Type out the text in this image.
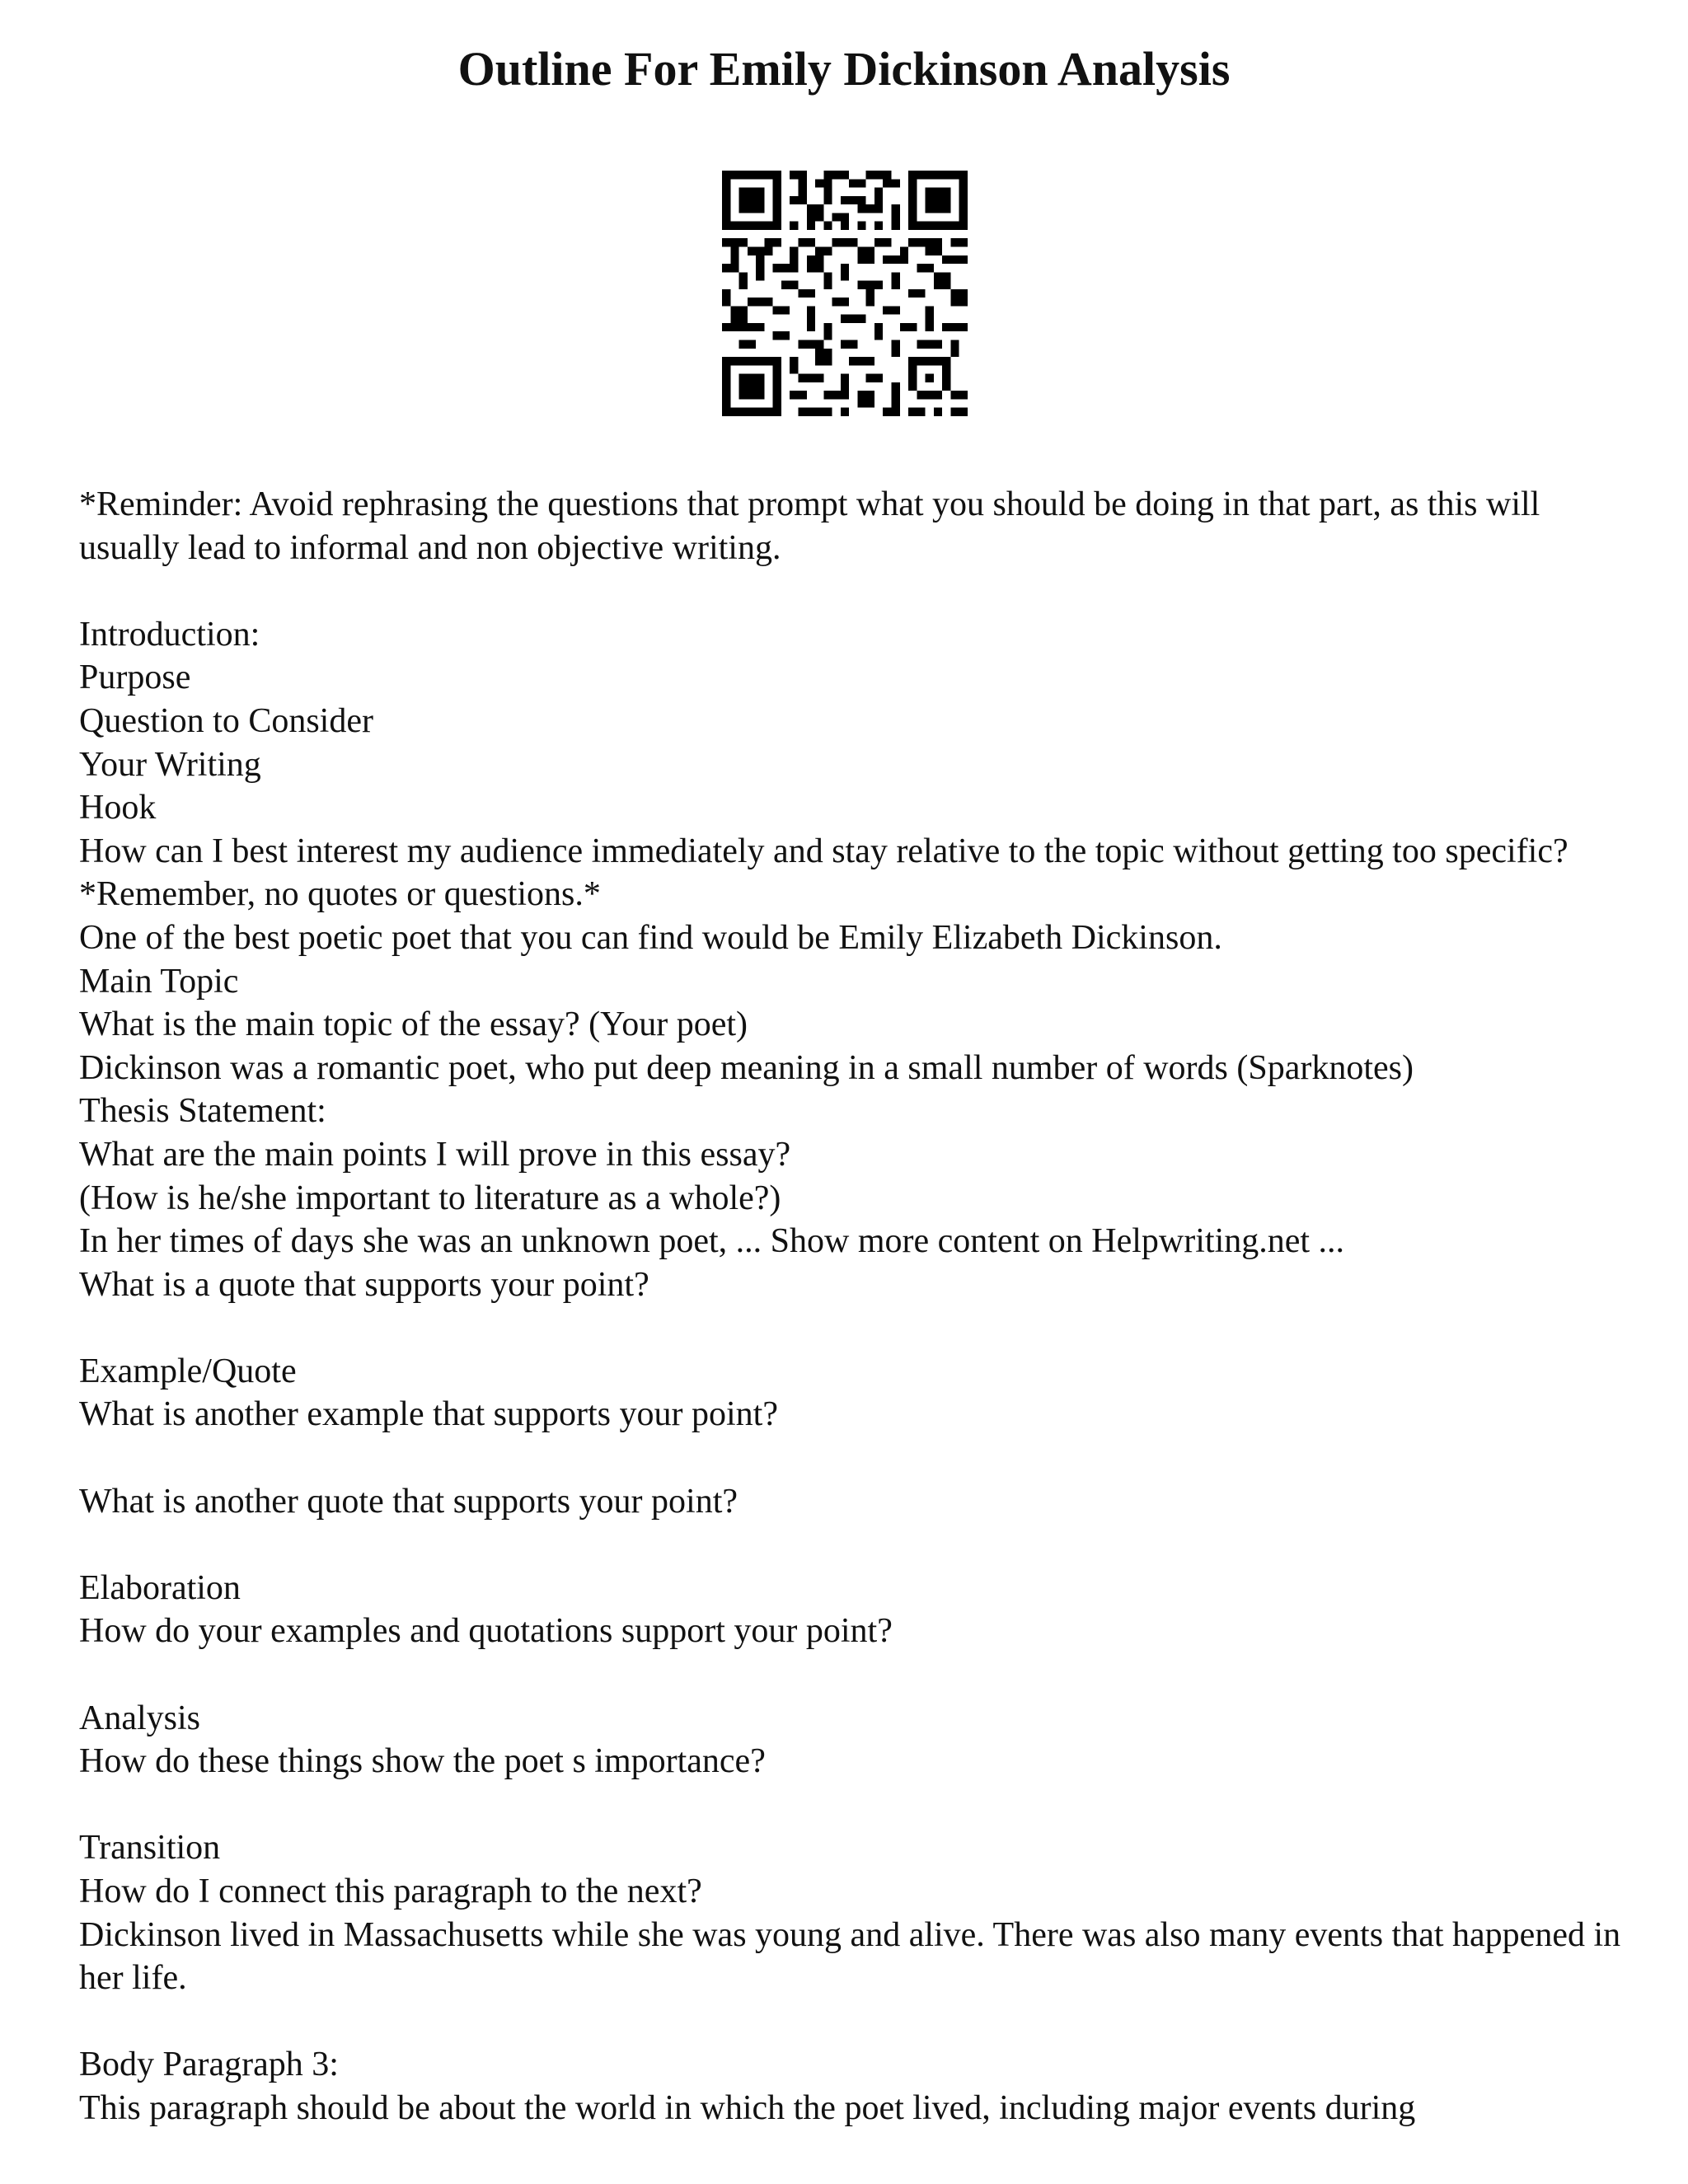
Outline For Emily Dickinson Analysis
*Reminder: Avoid rephrasing the questions that prompt what you should be doing in that part, as this will usually lead to informal and non objective writing.
Introduction:
Purpose
Question to Consider
Your Writing
Hook
How can I best interest my audience immediately and stay relative to the topic without getting too specific?
*Remember, no quotes or questions.*
One of the best poetic poet that you can find would be Emily Elizabeth Dickinson.
Main Topic
What is the main topic of the essay? (Your poet)
Dickinson was a romantic poet, who put deep meaning in a small number of words (Sparknotes)
Thesis Statement:
What are the main points I will prove in this essay?
(How is he/she important to literature as a whole?)
In her times of days she was an unknown poet, ... Show more content on Helpwriting.net ...
What is a quote that supports your point?
Example/Quote
What is another example that supports your point?
What is another quote that supports your point?
Elaboration
How do your examples and quotations support your point?
Analysis
How do these things show the poet s importance?
Transition
How do I connect this paragraph to the next?
Dickinson lived in Massachusetts while she was young and alive. There was also many events that happened in her life.
Body Paragraph 3:
This paragraph should be about the world in which the poet lived, including major events during
